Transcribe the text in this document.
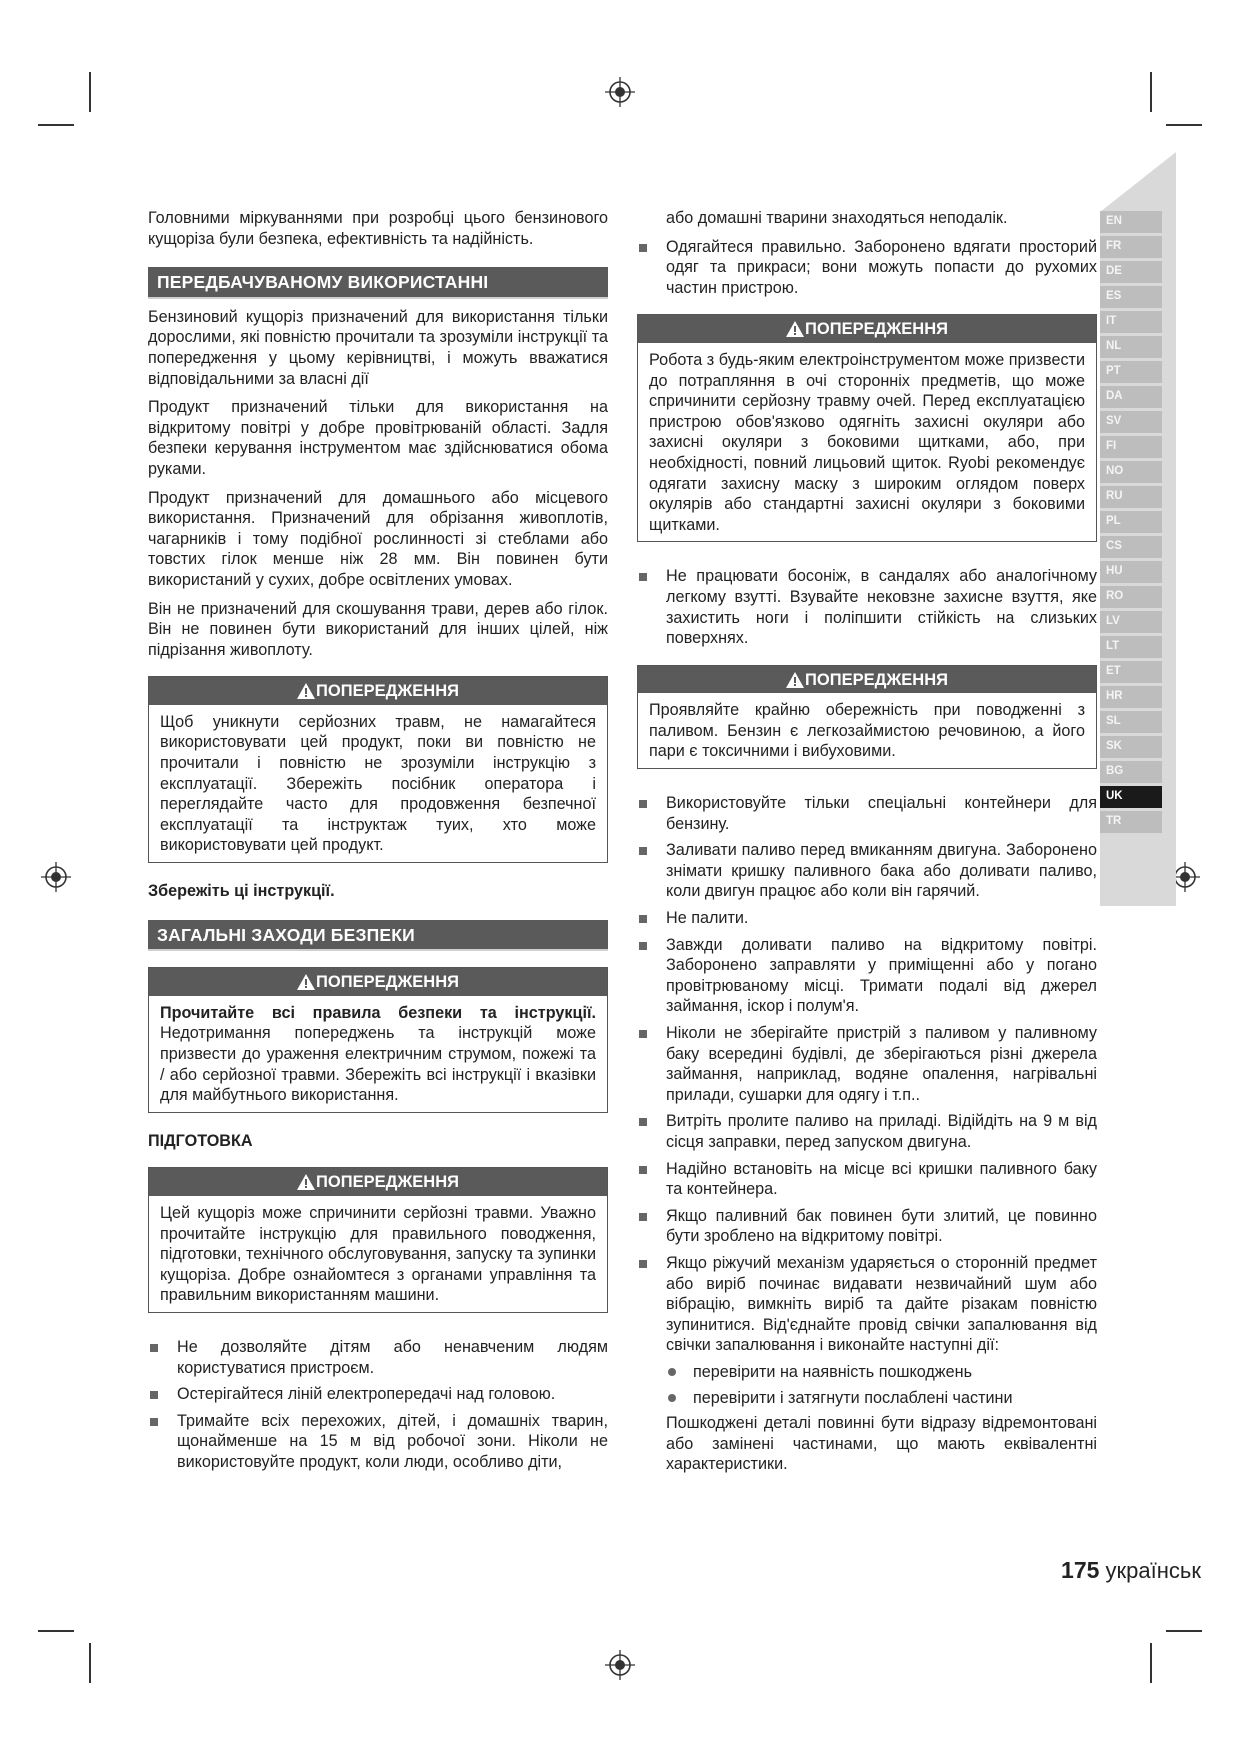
EN
FR
DE
ES
IT
NL
PT
DA
SV
FI
NO
RU
PL
CS
HU
RO
LV
LT
ET
HR
SL
SK
BG
UK
TR

Головними міркуваннями при розробці цього бензинового кущоріза були безпека, ефективність та надійність.

ПЕРЕДБАЧУВАНОМУ ВИКОРИСТАННІ

Бензиновий кущоріз призначений для використання тільки дорослими, які повністю прочитали та зрозуміли інструкції та попередження у цьому керівництві, і можуть вважатися відповідальними за власні дії

Продукт призначений тільки для використання на відкритому повітрі у добре провітрюваній області. Задля безпеки керування інструментом має здійснюватися обома руками.

Продукт призначений для домашнього або місцевого використання. Призначений для обрізання живоплотів, чагарників і тому подібної рослинності зі стеблами або товстих гілок менше ніж 28 мм. Він повинен бути використаний у сухих, добре освітлених умовах.

Він не призначений для скошування трави, дерев або гілок. Він не повинен бути використаний для інших цілей, ніж підрізання живоплоту.

ПОПЕРЕДЖЕННЯ

Щоб уникнути серйозних травм, не намагайтеся використовувати цей продукт, поки ви повністю не прочитали і повністю не зрозуміли інструкцію з експлуатації. Збережіть посібник оператора і переглядайте часто для продовження безпечної експлуатації та інструктаж туих, хто може використовувати цей продукт.

Збережіть ці інструкції.

ЗАГАЛЬНІ ЗАХОДИ БЕЗПЕКИ
ПОПЕРЕДЖЕННЯ

Прочитайте всі правила безпеки та інструкції. Недотримання попереджень та інструкцій може призвести до ураження електричним струмом, пожежі та / або серйозної травми. Збережіть всі інструкції і вказівки для майбутнього використання.

ПІДГОТОВКА

ПОПЕРЕДЖЕННЯ

Цей кущоріз може спричинити серйозні травми. Уважно прочитайте інструкцію для правильного поводження, підготовки, технічного обслуговування, запуску та зупинки кущоріза. Добре ознайомтеся з органами управління та правильним використанням машини.

Не дозволяйте дітям або ненавченим людям користуватися пристроєм.
Остерігайтеся ліній електропередачі над головою.
Тримайте всіх перехожих, дітей, і домашніх тварин, щонайменше на 15 м від робочої зони. Ніколи не використовуйте продукт, коли люди, особливо діти,

або домашні тварини знаходяться неподалік.

Одягайтеся правильно. Заборонено вдягати просторий одяг та прикраси; вони можуть попасти до рухомих частин пристрою.
ПОПЕРЕДЖЕННЯ

Робота з будь-яким електроінструментом може призвести до потрапляння в очі сторонніх предметів, що може спричинити серйозну травму очей. Перед експлуатацією пристрою обов'язково одягніть захисні окуляри або захисні окуляри з боковими щитками, або, при необхідності, повний лицьовий щиток. Ryobi рекомендує одягати захисну маску з широким оглядом поверх окулярів або стандартні захисні окуляри з боковими щитками.

Не працювати босоніж, в сандалях або аналогічному легкому взутті. Взувайте нековзне захисне взуття, яке захистить ноги і поліпшити стійкість на слизьких поверхнях.
ПОПЕРЕДЖЕННЯ

Проявляйте крайню обережність при поводженні з паливом. Бензин є легкозаймистою речовиною, а його пари є токсичними і вибуховими.

Використовуйте тільки спеціальні контейнери для бензину.
Заливати паливо перед вмиканням двигуна. Заборонено знімати кришку паливного бака або доливати паливо, коли двигун працює або коли він гарячий.
Не палити.
Завжди доливати паливо на відкритому повітрі. Заборонено заправляти у приміщенні або у погано провітрюваному місці. Тримати подалі від джерел займання, іскор і полум'я.
Ніколи не зберігайте пристрій з паливом у паливному баку всередині будівлі, де зберігаються різні джерела займання, наприклад, водяне опалення, нагрівальні прилади, сушарки для одягу і т.п..
Витріть пролите паливо на приладі. Відійдіть на 9 м від сісця заправки, перед запуском двигуна.
Надійно встановіть на місце всі кришки паливного баку та контейнера.
Якщо паливний бак повинен бути злитий, це повинно бути зроблено на відкритому повітрі.
Якщо ріжучий механізм ударяється о сторонній предмет або виріб починає видавати незвичайний шум або вібрацію, вимкніть виріб та дайте різакам повністю зупинитися. Від'єднайте провід свічки запалювання від свічки запалювання і виконайте наступні дії:
перевірити на наявність пошкоджень
перевірити і затягнути послаблені частини

Пошкоджені деталі повинні бути відразу відремонтовані або замінені частинами, що мають еквівалентні характеристики.

175 українськ
